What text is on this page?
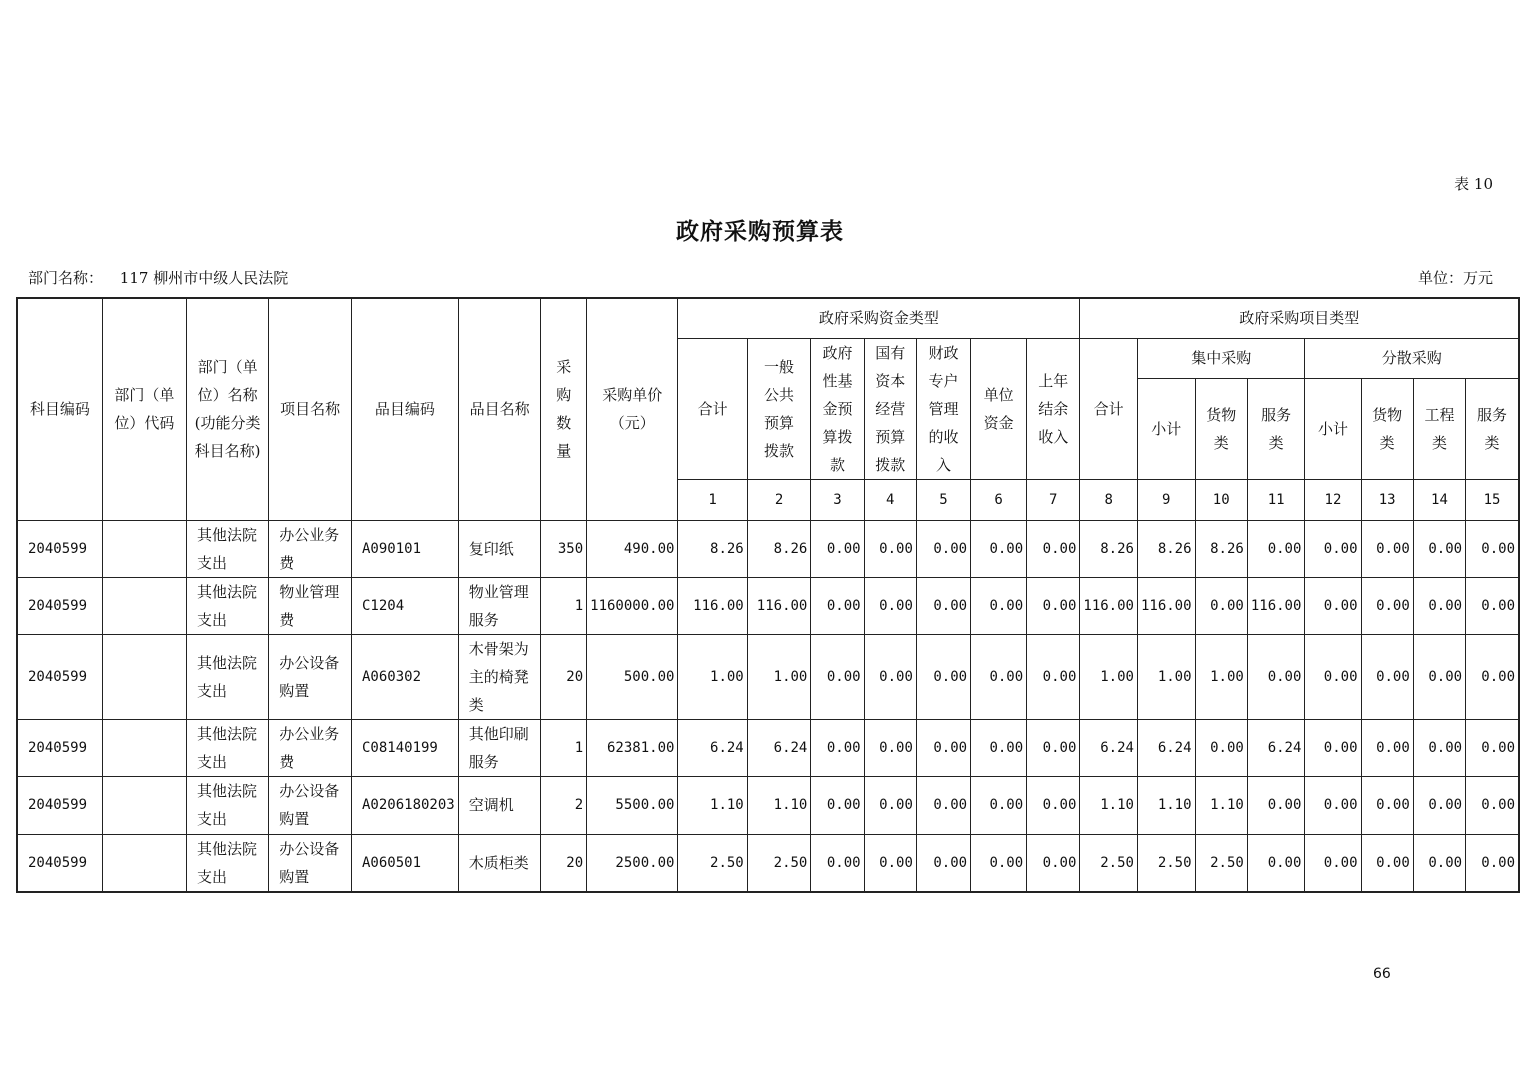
表 10
政府采购预算表
部门名称： 117 柳州市中级人民法院	单位：万元
科目编码	部门（单位）代码	部门（单位）名称(功能分类科目名称)	项目名称	品目编码	品目名称	采购数量	采购单价（元）	政府采购资金类型							政府采购项目类型							
								合计	一般公共预算拨款	政府性基金预算拨款	国有资本经营预算拨款	财政专户管理的收入	单位资金	上年结余收入	合计	集中采购			分散采购			
																小计	货物类	服务类	小计	货物类	工程类	服务类
								1	2	3	4	5	6	7	8	9	10	11	12	13	14	15
2040599		其他法院支出	办公业务费	A090101	复印纸	350	490.00	8.26	8.26	0.00	0.00	0.00	0.00	0.00	8.26	8.26	8.26	0.00	0.00	0.00	0.00	0.00
2040599		其他法院支出	物业管理费	C1204	物业管理服务	1	1160000.00	116.00	116.00	0.00	0.00	0.00	0.00	0.00	116.00	116.00	0.00	116.00	0.00	0.00	0.00	0.00
2040599		其他法院支出	办公设备购置	A060302	木骨架为主的椅凳类	20	500.00	1.00	1.00	0.00	0.00	0.00	0.00	0.00	1.00	1.00	1.00	0.00	0.00	0.00	0.00	0.00
2040599		其他法院支出	办公业务费	C08140199	其他印刷服务	1	62381.00	6.24	6.24	0.00	0.00	0.00	0.00	0.00	6.24	6.24	0.00	6.24	0.00	0.00	0.00	0.00
2040599		其他法院支出	办公设备购置	A0206180203	空调机	2	5500.00	1.10	1.10	0.00	0.00	0.00	0.00	0.00	1.10	1.10	1.10	0.00	0.00	0.00	0.00	0.00
2040599		其他法院支出	办公设备购置	A060501	木质柜类	20	2500.00	2.50	2.50	0.00	0.00	0.00	0.00	0.00	2.50	2.50	2.50	0.00	0.00	0.00	0.00	0.00
66
